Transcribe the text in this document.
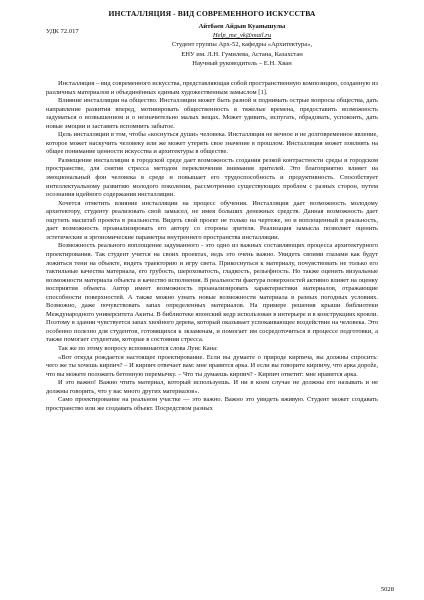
ИНСТАЛЛЯЦИЯ - ВИД СОВРЕМЕННОГО ИСКУССТВА
УДК 72.017
Айтбаев Айдын Куанышулы
Help_me_vk@mail.ru
Студент группы Арх-52, кафедры «Архитектура»,
ЕНУ им. Л.Н. Гумилева, Астана, Казахстан
Научный руководитель – Е.Н. Хван

Инсталляция – вид современного искусства, представляющая собой пространственную композицию, созданную из различных материалов и объединённых единым художественным замыслом [1].

Влияние инсталляции на общество. Инсталляции может быть разной и поднимать острые вопросы общества, дать направление развития вперед, мотивировать общественность в тяжелые времена, предоставить возможность задуматься о возвышенном и о незначительно малых вещах. Может удивить, испугать, обрадовать, успокоить, дать новые эмоции и заставить вспомнить забытое.

Цель инсталляции в том, чтобы «коснуться души» человека. Инсталляция не вечное и не долговременное явление, которое может наскучить человеку или же может утерять свое значение в прошлом. Инсталляция может повлиять на общее понимание ценности искусства и архитектуры в обществе.

Размещение инсталляции в городской среде дает возможность создания резкой контрастности среды и городском пространстве, для снятия стресса методом переключения внимания зрителей. Это благоприятно влияет на эмоциональный фон человека в среде и повышает его трудоспособность и продуктивность. Способствует интеллектуальному развитию молодого поколения, рассмотрению существующих проблем с разных сторон, путем осознания идейного содержания инсталляции.

Хочется отметить влияние инсталляции на процесс обучения. Инсталляция дает возможность молодому архитектору, студенту реализовать свой замысел, не имея больших денежных средств. Данная возможность дает ощутить масштаб проекта в реальности. Видеть свой проект не только на чертеже, но и воплощенный в реальность, дает возможность проанализировать его автору со стороны зрителя. Реализация замысла позволяет оценить эстетические и эргономические параметры внутреннего пространства инсталляции.

Возможность реального воплощение задуманного - это одно из важных составляющих процесса архитектурного проектирования. Так студент учится на своих проектах, ведь это очень важно. Увидеть своими глазами как будут ложиться тени на объекте, видеть траекторию и игру света. Прикоснуться к материалу, почувствовать не только его тактильные качества материала, его грубость, шероховатость, гладкость, рельефность. Но также оценить визуальные возможности материала объекта и качество исполнения. В реальности фактура поверхностей активно влияет на оценку восприятия объекта. Автор имеет возможность проанализировать характеристики материалов, отражающие способности поверхностей. А также можно узнать новые возможности материала в разных погодных условиях. Возможно, даже почувствовать запах определенных материалов. На примере решения крыши библиотеки Международного университета Акиты. В библиотеке японский кедр использован в интерьере и в конструкциях кровли. Поэтому в здании чувствуется запах хвойного дерева, который оказывает успокаивающее воздействие на человека. Это особенно полезно для студентов, готовящихся к экзаменам, и помогает им сосредоточиться в процессе подготовки, а также помогает студентам, которые в состоянии стресса.

Так же по этому вопросу вспоминаются слова Луис Кана:

«Вот откуда рождается настоящее проектирование. Если вы думаете о природе кирпича, вы должны спросить: чего же ты хочешь кирпич? – И кирпич отвечает вам: мне нравится арка. И если вы говорите кирпичу, что арка дорože, что вы можете положить бетонную перемычку. – Что ты думаешь кирпич? - Кирпич ответит: мне нравится арка.

И это важно! Важно чтить материал, который используешь. И ни в коем случае не должны его называть и не должны говорить, что у вас много других материалов».

Само проектирование на реальном участке — это важно. Важно это увидеть вживую. Студент может создавать пространство или же создавать объект. Посредством разных

5028
